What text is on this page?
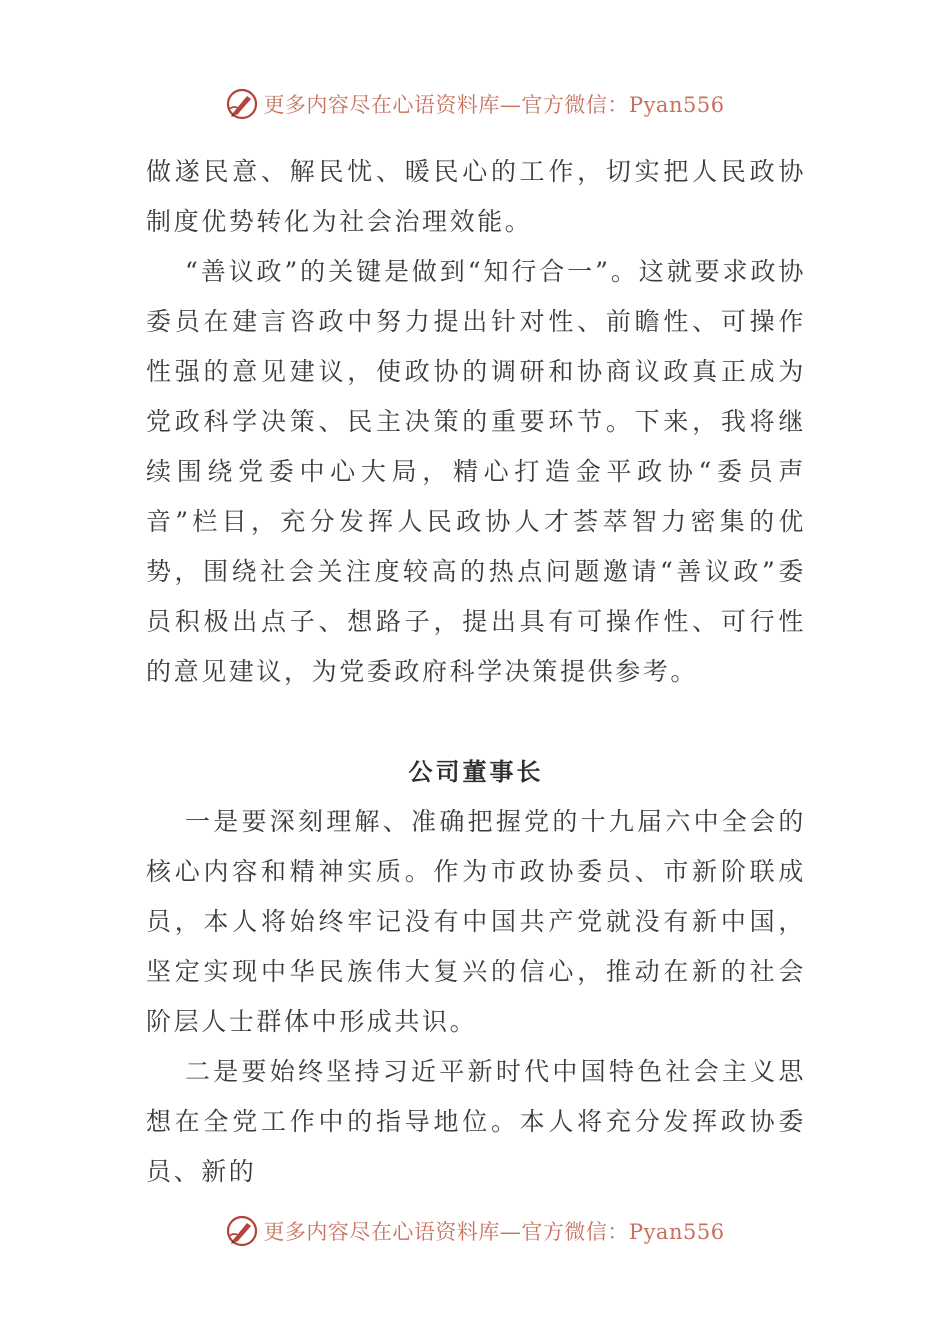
更多内容尽在心语资料库—官方微信：Pyan556

做遂民意、解民忧、暖民心的工作，切实把人民政协制度优势转化为社会治理效能。

“善议政”的关键是做到“知行合一”。这就要求政协委员在建言咨政中努力提出针对性、前瞻性、可操作性强的意见建议，使政协的调研和协商议政真正成为党政科学决策、民主决策的重要环节。下来，我将继续围绕党委中心大局，精心打造金平政协“委员声音”栏目，充分发挥人民政协人才荟萃智力密集的优势，围绕社会关注度较高的热点问题邀请“善议政”委员积极出点子、想路子，提出具有可操作性、可行性的意见建议，为党委政府科学决策提供参考。

公司董事长

一是要深刻理解、准确把握党的十九届六中全会的核心内容和精神实质。作为市政协委员、市新阶联成员，本人将始终牢记没有中国共产党就没有新中国，坚定实现中华民族伟大复兴的信心，推动在新的社会阶层人士群体中形成共识。

二是要始终坚持习近平新时代中国特色社会主义思想在全党工作中的指导地位。本人将充分发挥政协委员、新的

更多内容尽在心语资料库—官方微信：Pyan556
